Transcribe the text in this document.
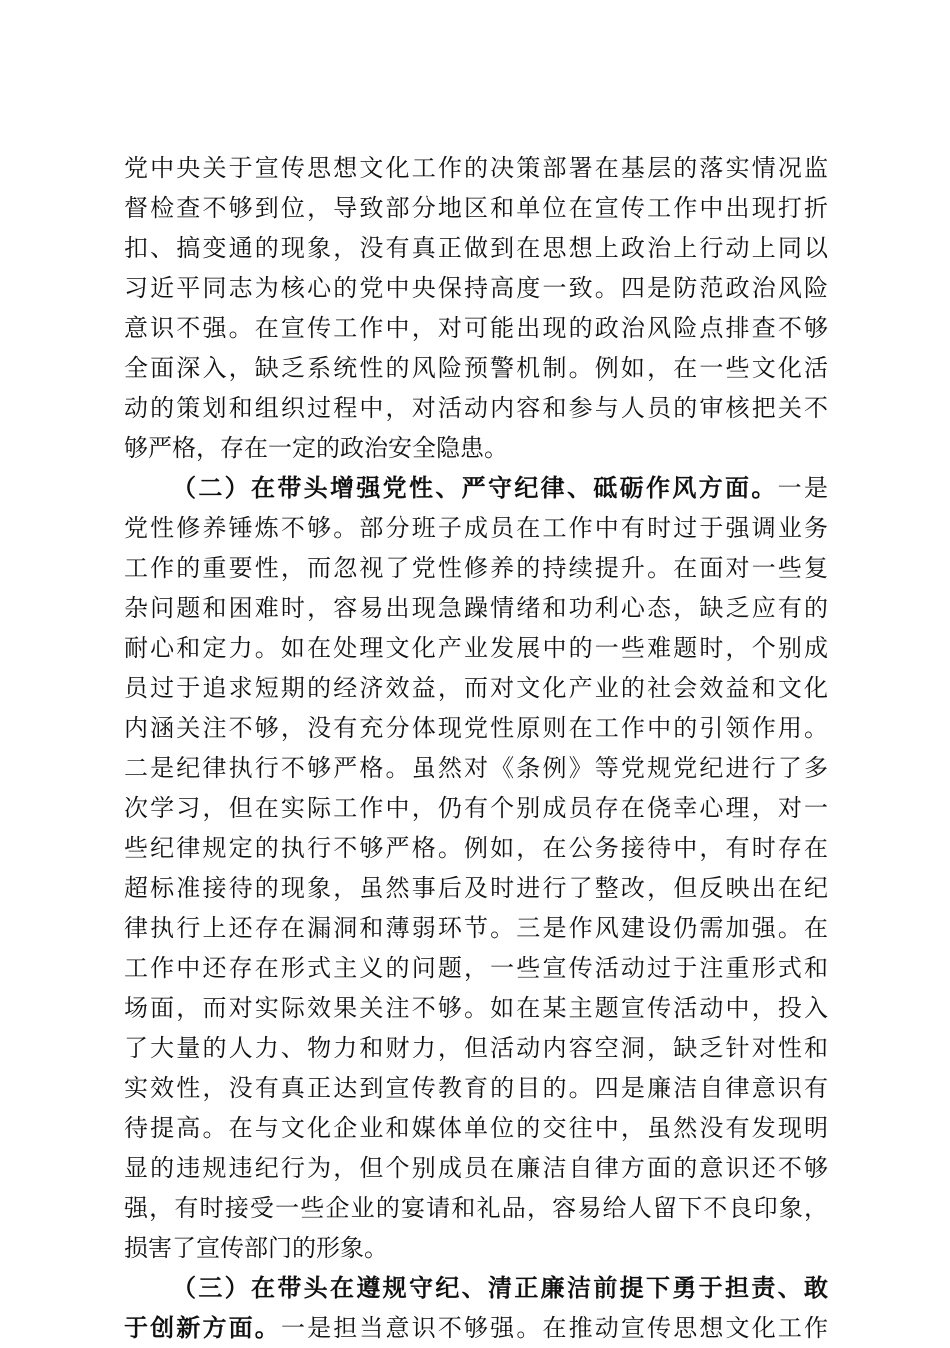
党中央关于宣传思想文化工作的决策部署在基层的落实情况监
督检查不够到位，导致部分地区和单位在宣传工作中出现打折
扣、搞变通的现象，没有真正做到在思想上政治上行动上同以
习近平同志为核心的党中央保持高度一致。四是防范政治风险
意识不强。在宣传工作中，对可能出现的政治风险点排查不够
全面深入，缺乏系统性的风险预警机制。例如，在一些文化活
动的策划和组织过程中，对活动内容和参与人员的审核把关不
够严格，存在一定的政治安全隐患。
（二）在带头增强党性、严守纪律、砥砺作风方面。一是
党性修养锤炼不够。部分班子成员在工作中有时过于强调业务
工作的重要性，而忽视了党性修养的持续提升。在面对一些复
杂问题和困难时，容易出现急躁情绪和功利心态，缺乏应有的
耐心和定力。如在处理文化产业发展中的一些难题时，个别成
员过于追求短期的经济效益，而对文化产业的社会效益和文化
内涵关注不够，没有充分体现党性原则在工作中的引领作用。
二是纪律执行不够严格。虽然对《条例》等党规党纪进行了多
次学习，但在实际工作中，仍有个别成员存在侥幸心理，对一
些纪律规定的执行不够严格。例如，在公务接待中，有时存在
超标准接待的现象，虽然事后及时进行了整改，但反映出在纪
律执行上还存在漏洞和薄弱环节。三是作风建设仍需加强。在
工作中还存在形式主义的问题，一些宣传活动过于注重形式和
场面，而对实际效果关注不够。如在某主题宣传活动中，投入
了大量的人力、物力和财力，但活动内容空洞，缺乏针对性和
实效性，没有真正达到宣传教育的目的。四是廉洁自律意识有
待提高。在与文化企业和媒体单位的交往中，虽然没有发现明
显的违规违纪行为，但个别成员在廉洁自律方面的意识还不够
强，有时接受一些企业的宴请和礼品，容易给人留下不良印象，
损害了宣传部门的形象。
（三）在带头在遵规守纪、清正廉洁前提下勇于担责、敢
于创新方面。一是担当意识不够强。在推动宣传思想文化工作
